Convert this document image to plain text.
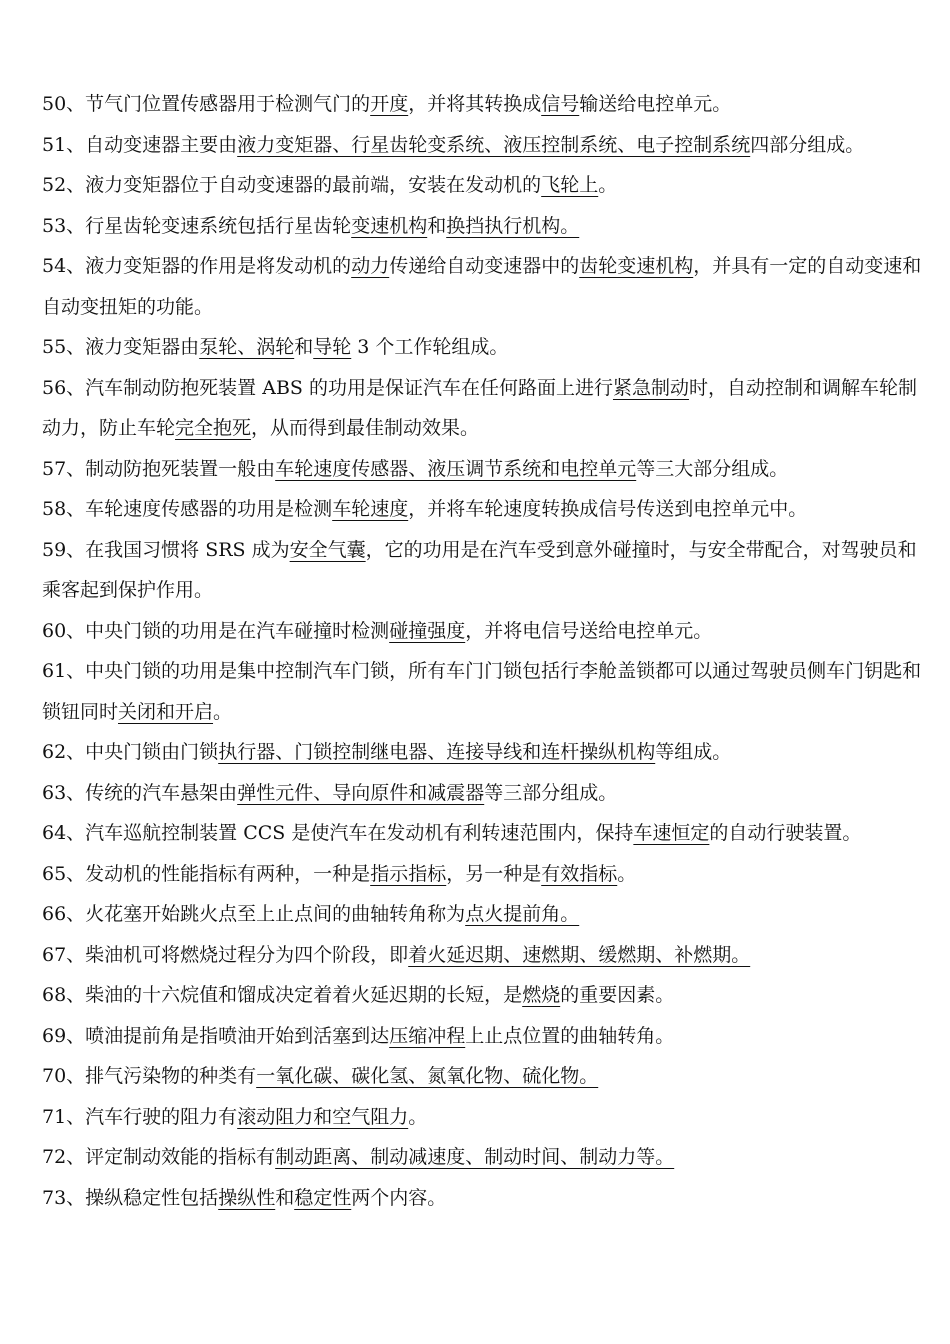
50、节气门位置传感器用于检测气门的开度，并将其转换成信号输送给电控单元。
51、自动变速器主要由液力变矩器、行星齿轮变系统、液压控制系统、电子控制系统四部分组成。
52、液力变矩器位于自动变速器的最前端，安装在发动机的飞轮上。
53、行星齿轮变速系统包括行星齿轮变速机构和换挡执行机构。
54、液力变矩器的作用是将发动机的动力传递给自动变速器中的齿轮变速机构，并具有一定的自动变速和自动变扭矩的功能。
55、液力变矩器由泵轮、涡轮和导轮 3 个工作轮组成。
56、汽车制动防抱死装置 ABS 的功用是保证汽车在任何路面上进行紧急制动时，自动控制和调解车轮制动力，防止车轮完全抱死，从而得到最佳制动效果。
57、制动防抱死装置一般由车轮速度传感器、液压调节系统和电控单元等三大部分组成。
58、车轮速度传感器的功用是检测车轮速度，并将车轮速度转换成信号传送到电控单元中。
59、在我国习惯将 SRS 成为安全气囊，它的功用是在汽车受到意外碰撞时，与安全带配合，对驾驶员和乘客起到保护作用。
60、中央门锁的功用是在汽车碰撞时检测碰撞强度，并将电信号送给电控单元。
61、中央门锁的功用是集中控制汽车门锁，所有车门门锁包括行李舱盖锁都可以通过驾驶员侧车门钥匙和锁钮同时关闭和开启。
62、中央门锁由门锁执行器、门锁控制继电器、连接导线和连杆操纵机构等组成。
63、传统的汽车悬架由弹性元件、导向原件和减震器等三部分组成。
64、汽车巡航控制装置 CCS 是使汽车在发动机有利转速范围内，保持车速恒定的自动行驶装置。
65、发动机的性能指标有两种，一种是指示指标，另一种是有效指标。
66、火花塞开始跳火点至上止点间的曲轴转角称为点火提前角。
67、柴油机可将燃烧过程分为四个阶段，即着火延迟期、速燃期、缓燃期、补燃期。
68、柴油的十六烷值和馏成决定着着火延迟期的长短，是燃烧的重要因素。
69、喷油提前角是指喷油开始到活塞到达压缩冲程上止点位置的曲轴转角。
70、排气污染物的种类有一氧化碳、碳化氢、氮氧化物、硫化物。
71、汽车行驶的阻力有滚动阻力和空气阻力。
72、评定制动效能的指标有制动距离、制动减速度、制动时间、制动力等。
73、操纵稳定性包括操纵性和稳定性两个内容。
